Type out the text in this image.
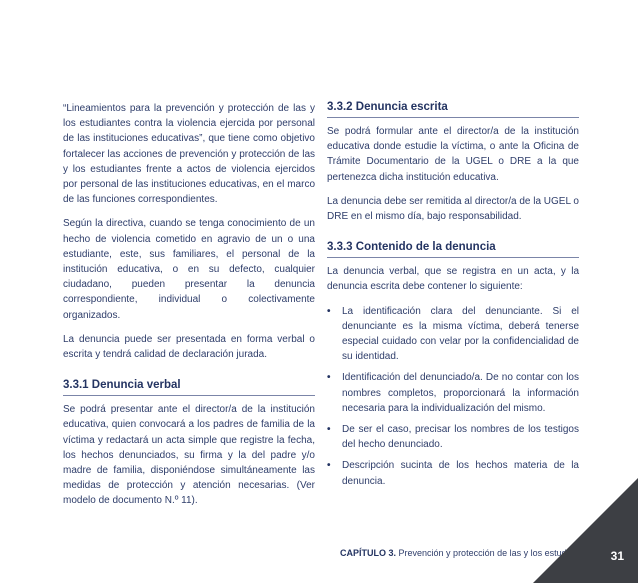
“Lineamientos para la prevención y protección de las y los estudiantes contra la violencia ejercida por personal de las instituciones educativas”, que tiene como objetivo fortalecer las acciones de prevención y protección de las y los estudiantes frente a actos de violencia ejercidos por personal de las instituciones educativas, en el marco de las funciones correspondientes.

Según la directiva, cuando se tenga conocimiento de un hecho de violencia cometido en agravio de un o una estudiante, este, sus familiares, el personal de la institución educativa, o en su defecto, cualquier ciudadano, pueden presentar la denuncia correspondiente, individual o colectivamente organizados.

La denuncia puede ser presentada en forma verbal o escrita y tendrá calidad de declaración jurada.

3.3.1 Denuncia verbal

Se podrá presentar ante el director/a de la institución educativa, quien convocará a los padres de familia de la víctima y redactará un acta simple que registre la fecha, los hechos denunciados, su firma y la del padre y/o madre de familia, disponiéndose simultáneamente las medidas de protección y atención necesarias. (Ver modelo de documento N.º 11).

3.3.2 Denuncia escrita

Se podrá formular ante el director/a de la institución educativa donde estudie la víctima, o ante la Oficina de Trámite Documentario de la UGEL o DRE a la que pertenezca dicha institución educativa.

La denuncia debe ser remitida al director/a de la UGEL o DRE en el mismo día, bajo responsabilidad.

3.3.3 Contenido de la denuncia

La denuncia verbal, que se registra en un acta, y la denuncia escrita debe contener lo siguiente:

• La identificación clara del denunciante. Si el denunciante es la misma víctima, deberá tenerse especial cuidado con velar por la confidencialidad de su identidad.
• Identificación del denunciado/a. De no contar con los nombres completos, proporcionará la información necesaria para la individualización del mismo.
• De ser el caso, precisar los nombres de los testigos del hecho denunciado.
• Descripción sucinta de los hechos materia de la denuncia.
CAPÍTULO 3. Prevención y protección de las y los estudiantes 31
